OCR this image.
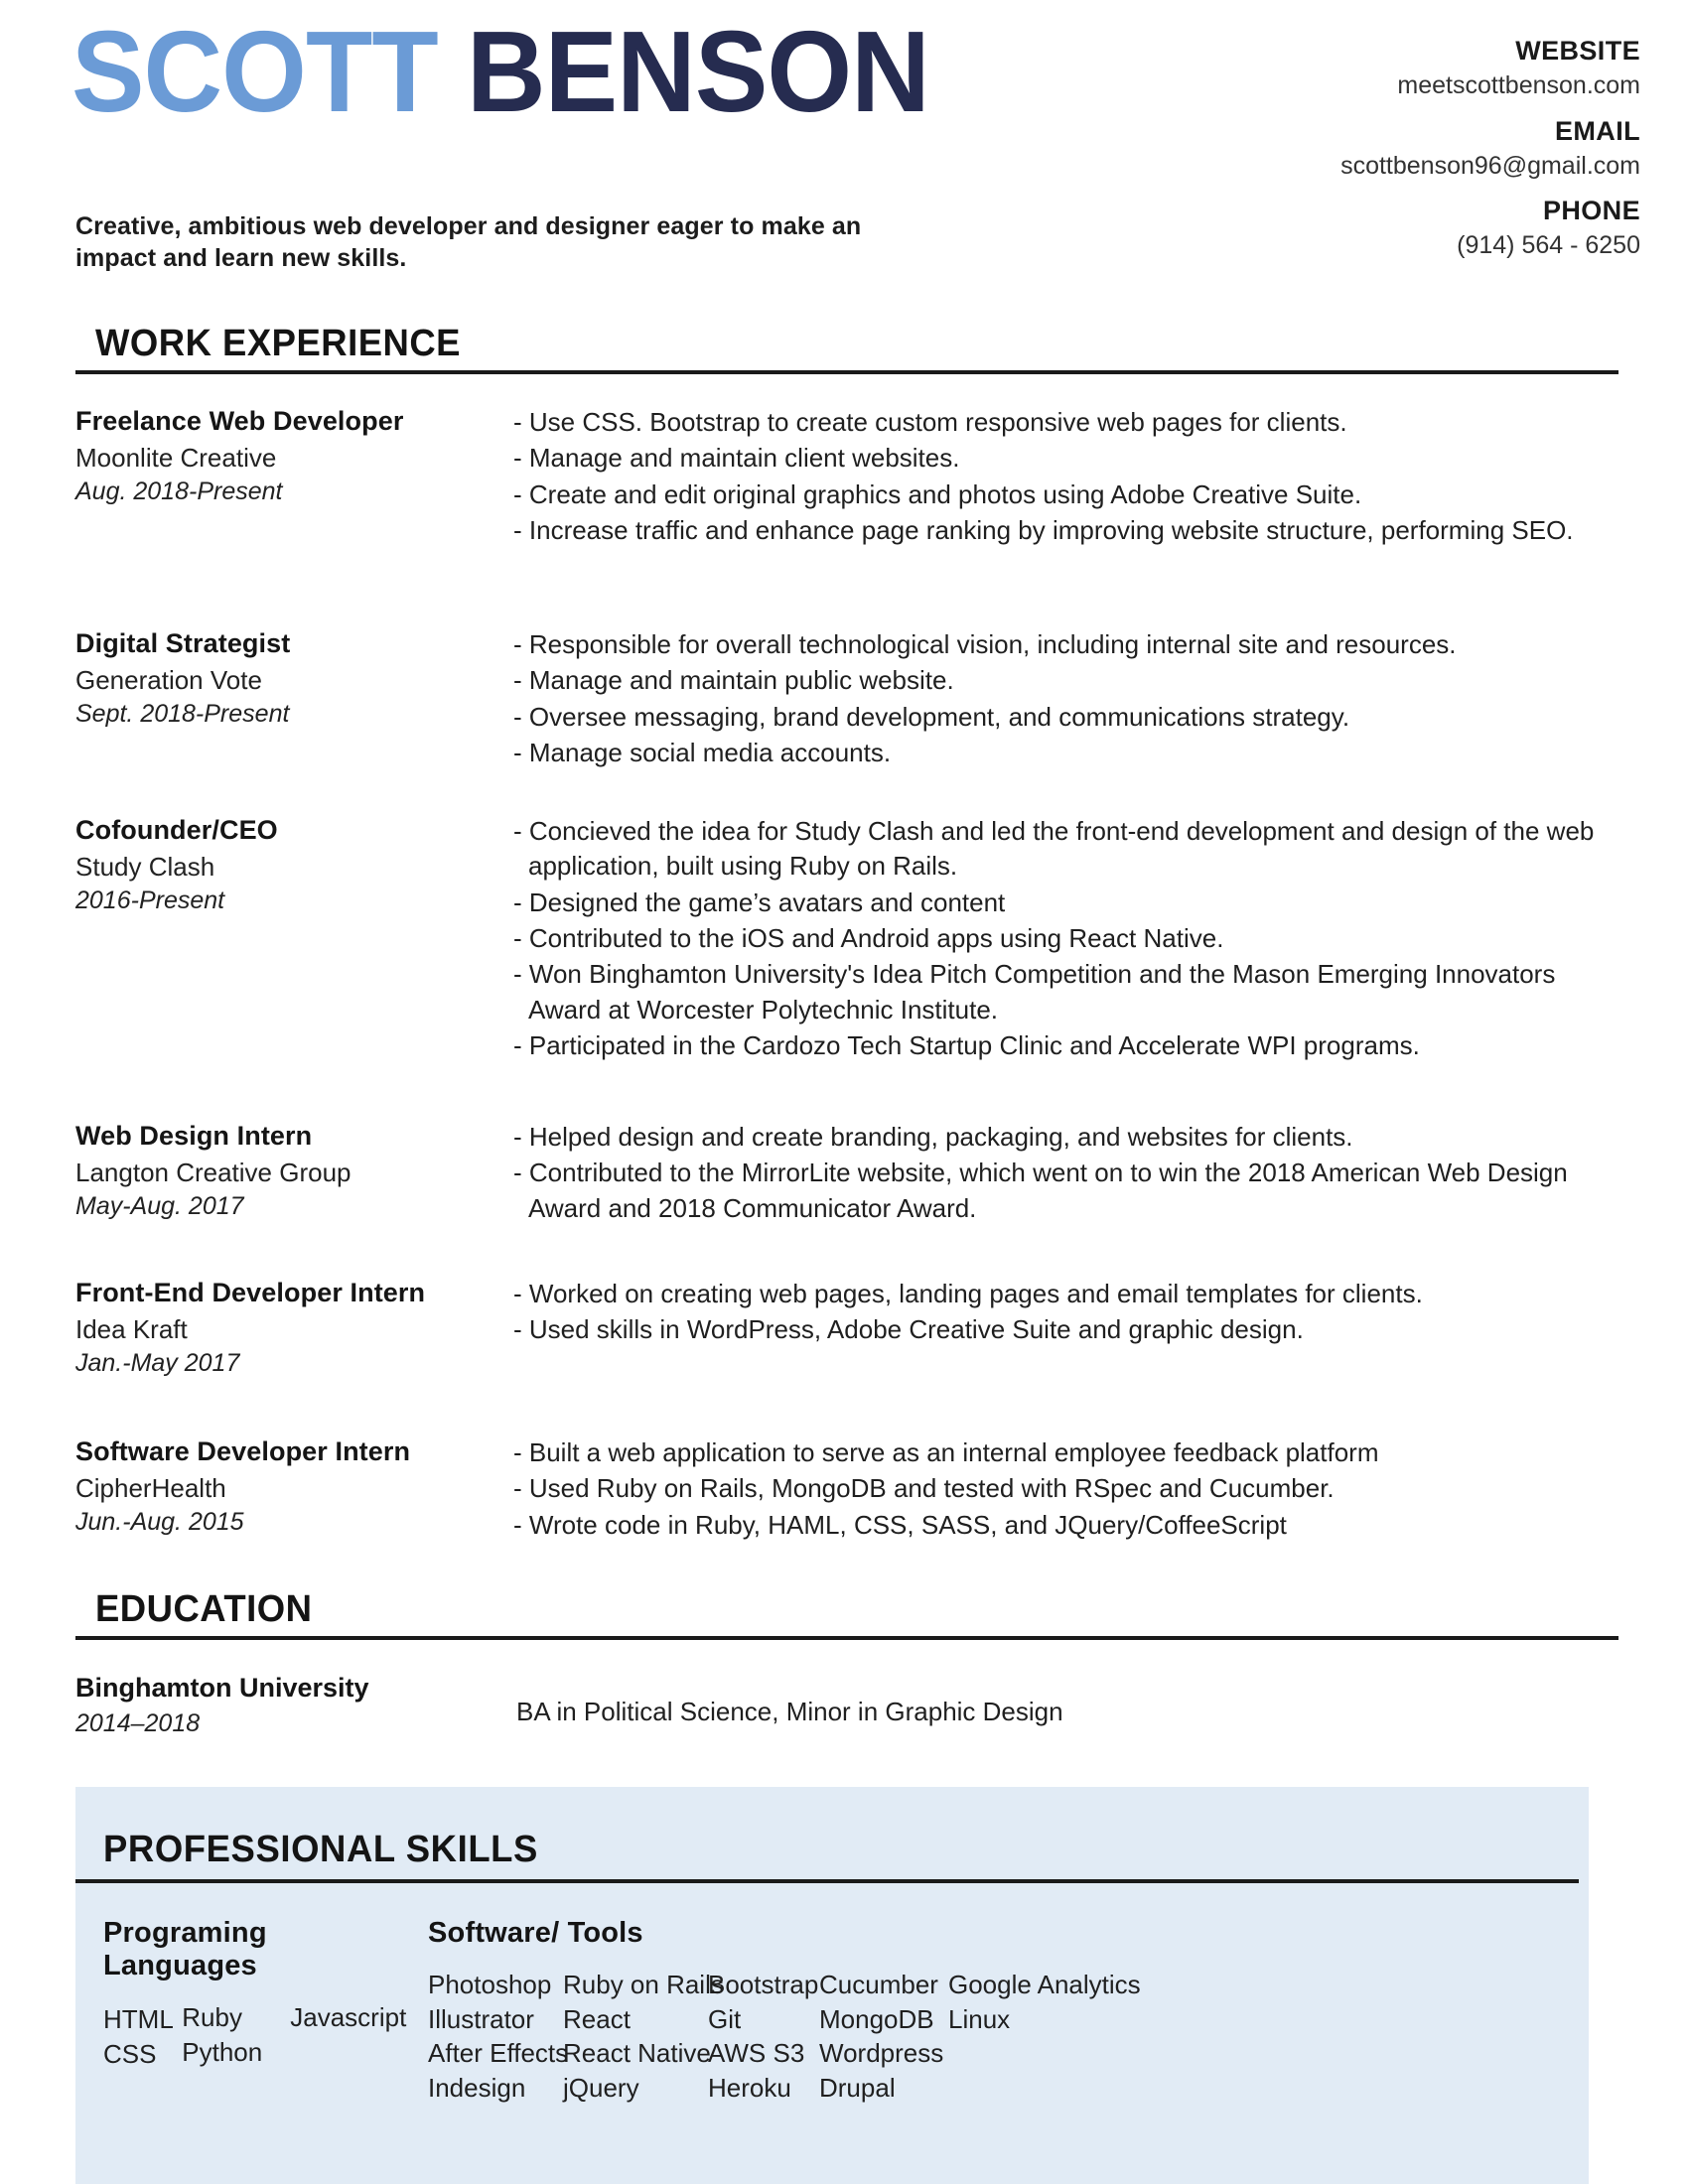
SCOTT BENSON
Creative, ambitious web developer and designer eager to make an impact and learn new skills.
WEBSITE
meetscottbenson.com
EMAIL
scottbenson96@gmail.com
PHONE
(914) 564 - 6250
WORK EXPERIENCE
Freelance Web Developer
Moonlite Creative
Aug. 2018-Present
- Use CSS. Bootstrap to create custom responsive web pages for clients.
- Manage and maintain client websites.
- Create and edit original graphics and photos using Adobe Creative Suite.
- Increase traffic and enhance page ranking by improving website structure, performing SEO.
Digital Strategist
Generation Vote
Sept. 2018-Present
- Responsible for overall technological vision, including internal site and resources.
- Manage and maintain public website.
- Oversee messaging, brand development, and communications strategy.
- Manage social media accounts.
Cofounder/CEO
Study Clash
2016-Present
- Concieved the idea for Study Clash and led the front-end development and design of the web application, built using Ruby on Rails.
- Designed the game’s avatars and content
- Contributed to the iOS and Android apps using React Native.
- Won Binghamton University's Idea Pitch Competition and the Mason Emerging Innovators Award at Worcester Polytechnic Institute.
- Participated in the Cardozo Tech Startup Clinic and Accelerate WPI programs.
Web Design Intern
Langton Creative Group
May-Aug. 2017
- Helped design and create branding, packaging, and websites for clients.
- Contributed to the MirrorLite website, which went on to win the 2018 American Web Design Award and 2018 Communicator Award.
Front-End Developer Intern
Idea Kraft
Jan.-May 2017
- Worked on creating web pages, landing pages and email templates for clients.
- Used skills in WordPress, Adobe Creative Suite and graphic design.
Software Developer Intern
CipherHealth
Jun.-Aug. 2015
- Built a web application to serve as an internal employee feedback platform
- Used Ruby on Rails, MongoDB and tested with RSpec and Cucumber.
- Wrote code in Ruby, HAML, CSS, SASS, and JQuery/CoffeeScript
EDUCATION
Binghamton University
2014–2018	BA in Political Science, Minor in Graphic Design
PROFESSIONAL SKILLS
Programing Languages
HTML
CSS
Ruby
Python
Javascript
Software/ Tools
Photoshop
Illustrator
After Effects
Indesign
Ruby on Rails
React
React Native
jQuery
Bootstrap
Git
AWS S3
Heroku
Cucumber
MongoDB
Wordpress
Drupal
Google Analytics
Linux
